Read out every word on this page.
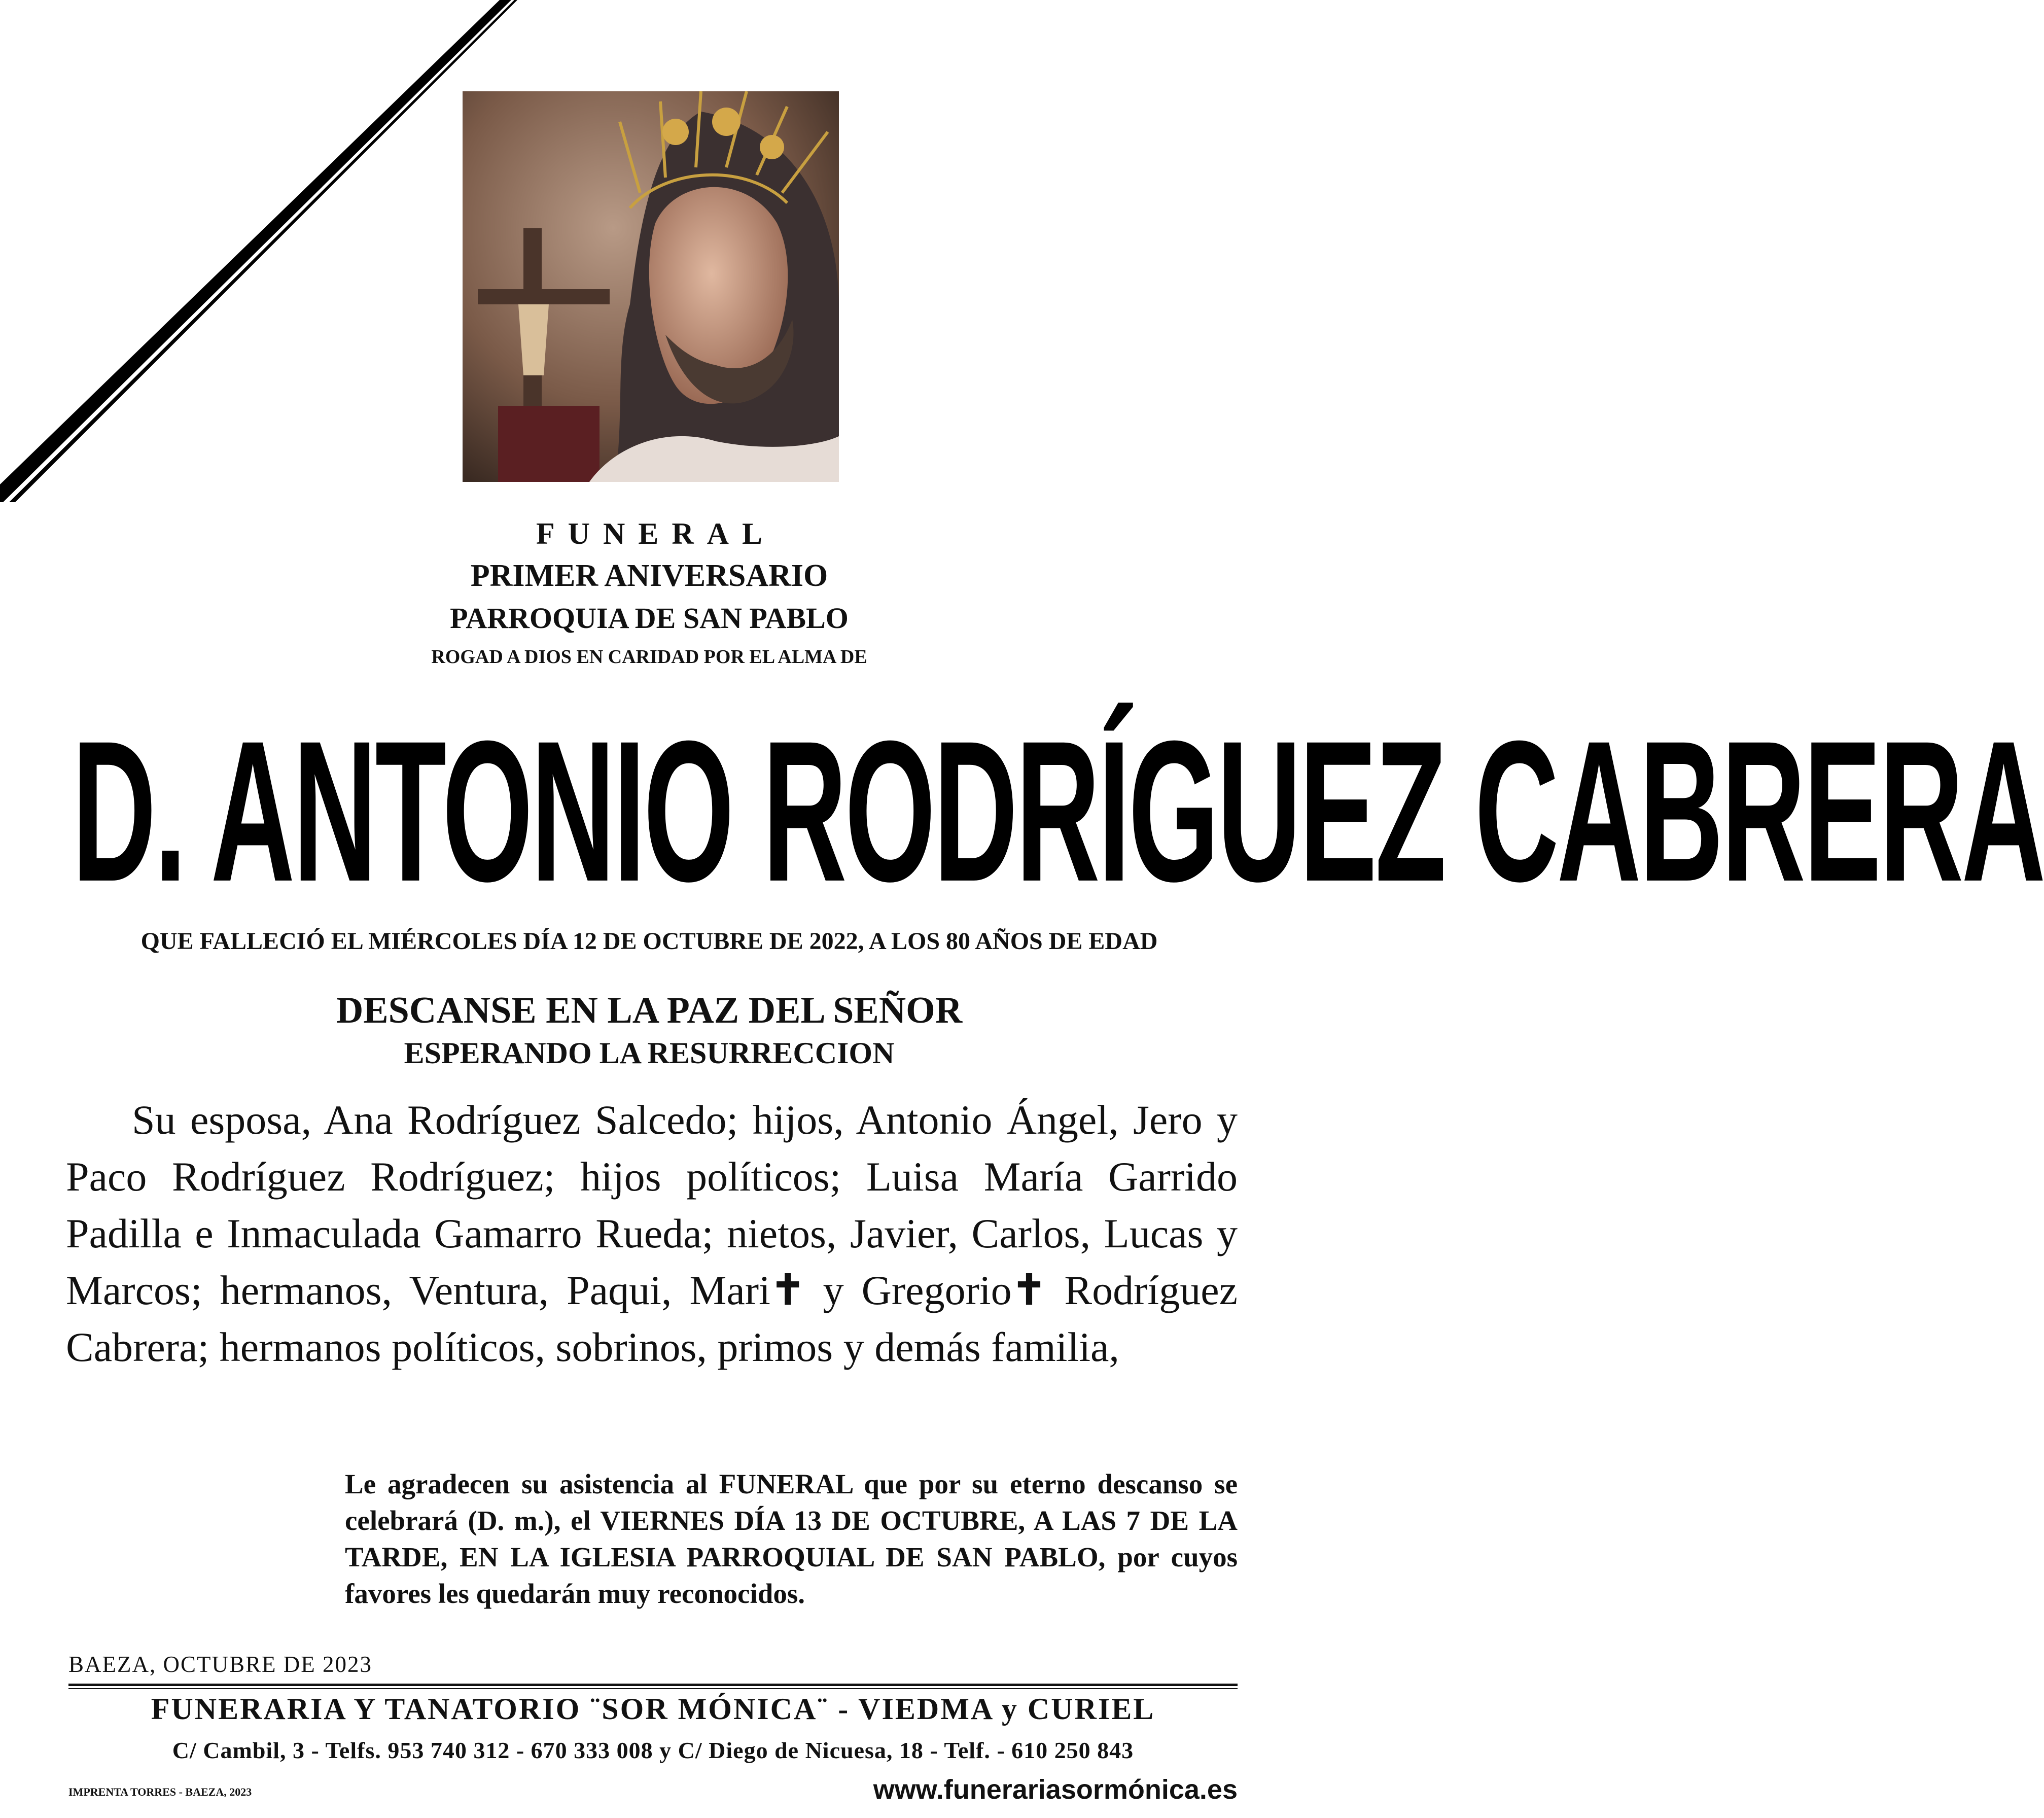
FUNERAL
PRIMER ANIVERSARIO
PARROQUIA DE SAN PABLO
ROGAD A DIOS EN CARIDAD POR EL ALMA DE
D. ANTONIO RODRÍGUEZ CABRERA
QUE FALLECIÓ EL MIÉRCOLES DÍA 12 DE OCTUBRE DE 2022, A LOS 80 AÑOS DE EDAD
DESCANSE EN LA PAZ DEL SEÑOR
ESPERANDO LA RESURRECCION
Su esposa, Ana Rodríguez Salcedo; hijos, Antonio Ángel, Jero y Paco Rodríguez Rodríguez; hijos políticos; Luisa María Garrido Padilla e Inmaculada Gamarro Rueda; nietos, Javier, Carlos, Lucas y Marcos; hermanos, Ventura, Paqui, Mari✝ y Gregorio✝ Rodríguez Cabrera; hermanos políticos, sobrinos, primos y demás familia,
Le agradecen su asistencia al FUNERAL que por su eterno descanso se celebrará (D. m.), el VIERNES DÍA 13 DE OCTUBRE, A LAS 7 DE LA TARDE, EN LA IGLESIA PARROQUIAL DE SAN PABLO, por cuyos favores les quedarán muy reconocidos.
BAEZA, OCTUBRE DE 2023
FUNERARIA Y TANATORIO ¨SOR MÓNICA¨ - VIEDMA y CURIEL
C/ Cambil, 3 - Telfs. 953 740 312 - 670 333 008 y C/ Diego de Nicuesa, 18 - Telf. - 610 250 843
IMPRENTA TORRES - BAEZA, 2023	www.funerariasormónica.es
